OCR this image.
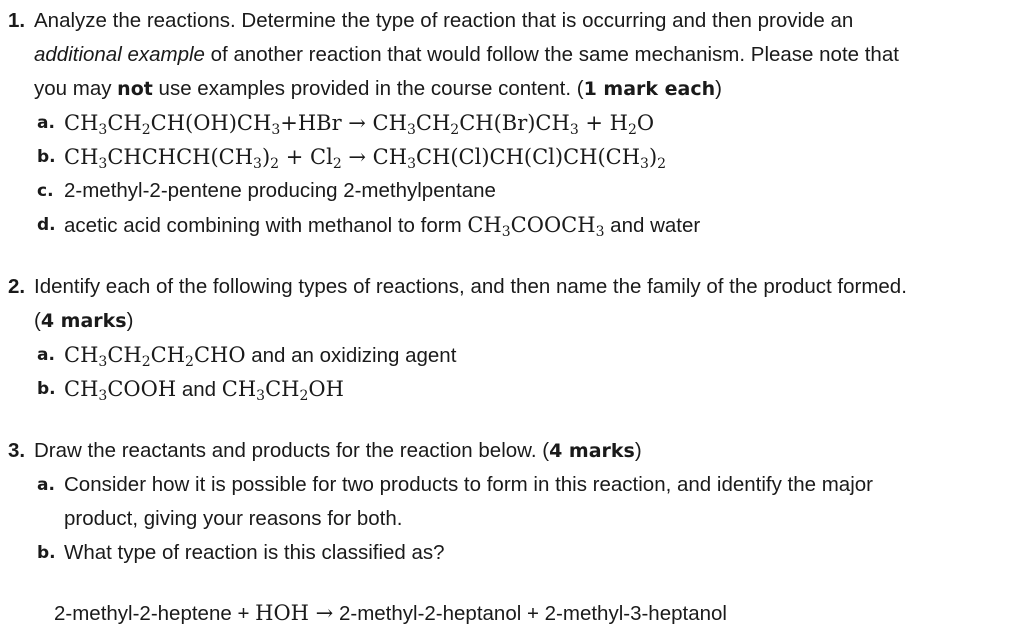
1. Analyze the reactions. Determine the type of reaction that is occurring and then provide an
additional example of another reaction that would follow the same mechanism. Please note that
you may not use examples provided in the course content. (1 mark each)
a. $CH_3CH_2CH(OH)CH_3+HBr \to CH_3CH_2CH(Br)CH_3 + H_2O$
b. $CH_3CHCHCH(CH_3)_2 + Cl_2 \to CH_3CH(Cl)CH(Cl)CH(CH_3)_2$
c. 2-methyl-2-pentene producing 2-methylpentane
d. acetic acid combining with methanol to form $CH_3COOCH_3$ and water
2. Identify each of the following types of reactions, and then name the family of the product formed.
(4 marks)
a. $CH_3CH_2CH_2CHO$ and an oxidizing agent
b. $CH_3COOH$ and $CH_3CH_2OH$
3. Draw the reactants and products for the reaction below. (4 marks)
a. Consider how it is possible for two products to form in this reaction, and identify the major
product, giving your reasons for both.
b. What type of reaction is this classified as?
2-methyl-2-heptene + HOH → 2-methyl-2-heptanol + 2-methyl-3-heptanol
